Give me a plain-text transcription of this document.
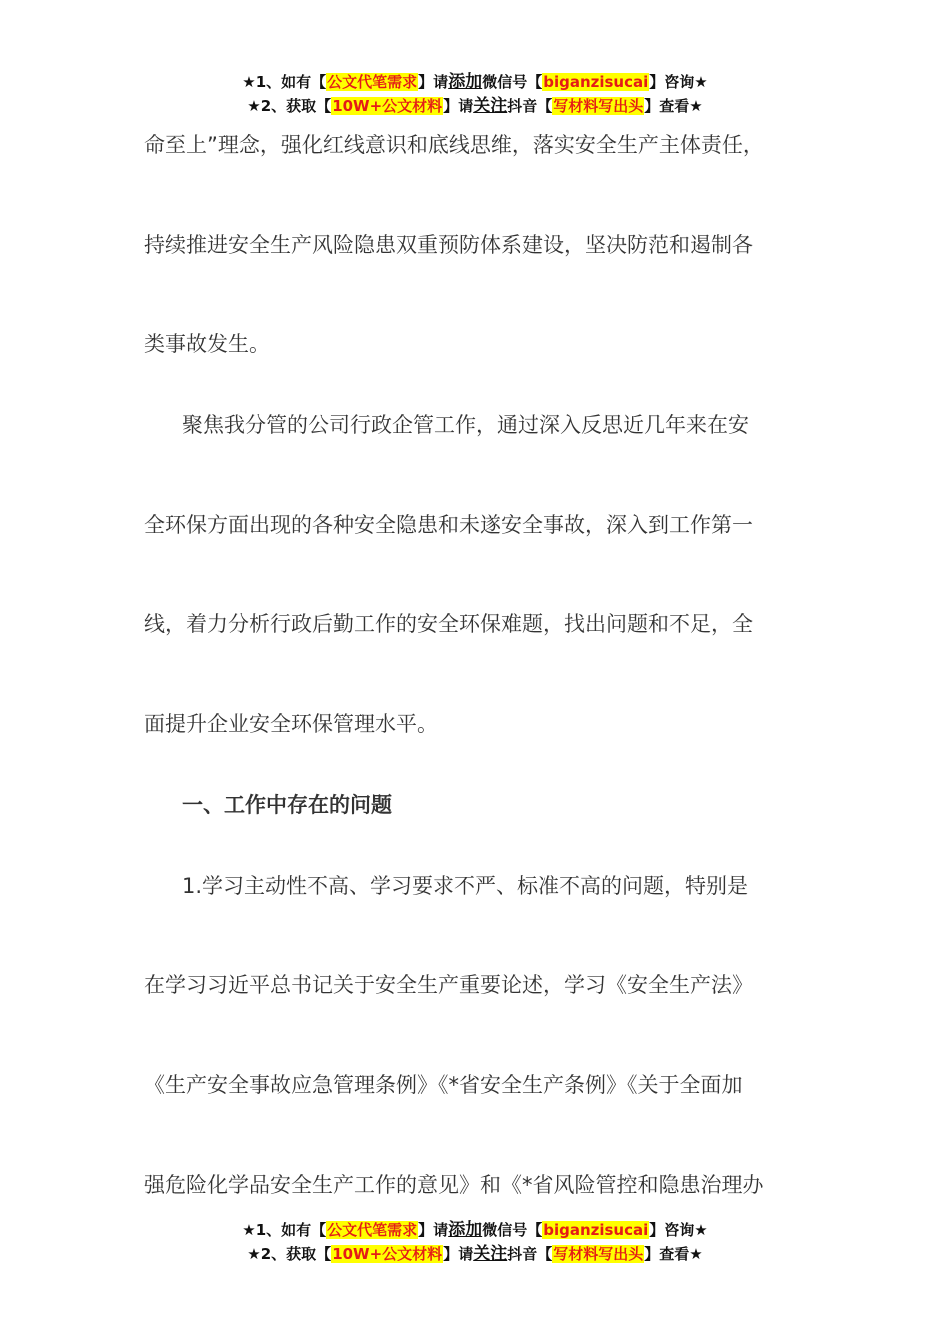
★1、如有【公文代笔需求】请添加微信号【biganzisucai】咨询★
★2、获取【10W+公文材料】请关注抖音【写材料写出头】查看★
命至上”理念，强化红线意识和底线思维，落实安全生产主体责任，
持续推进安全生产风险隐患双重预防体系建设，坚决防范和遏制各
类事故发生。
聚焦我分管的公司行政企管工作，通过深入反思近几年来在安
全环保方面出现的各种安全隐患和未遂安全事故，深入到工作第一
线，着力分析行政后勤工作的安全环保难题，找出问题和不足，全
面提升企业安全环保管理水平。
一、工作中存在的问题
1.学习主动性不高、学习要求不严、标准不高的问题，特别是
在学习习近平总书记关于安全生产重要论述，学习《安全生产法》
《生产安全事故应急管理条例》《*省安全生产条例》《关于全面加
强危险化学品安全生产工作的意见》和《*省风险管控和隐患治理办
★1、如有【公文代笔需求】请添加微信号【biganzisucai】咨询★
★2、获取【10W+公文材料】请关注抖音【写材料写出头】查看★
